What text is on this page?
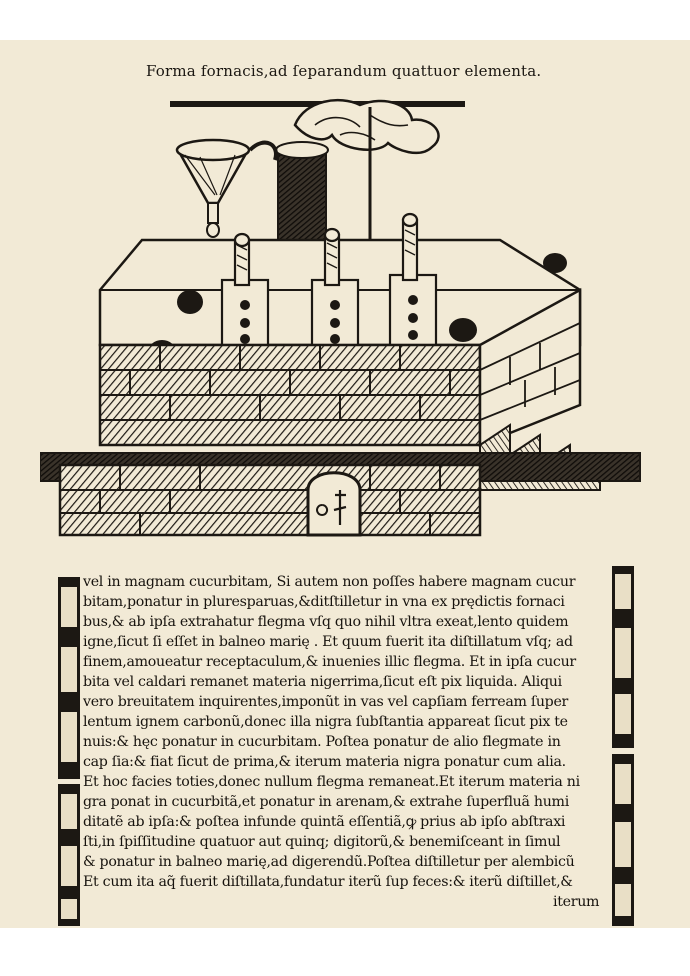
Forma fornacis,ad ſeparandum quattuor elementa.
vel in magnam cucurbitam, Si autem non poſſes habere magnam cucur
bitam,ponatur in pluresparuas,&ditſtilletur in vna ex prędictis fornaci
bus,& ab ipſa extrahatur flegma vſq quo nihil vltra exeat,lento quidem
igne,ſicut ſi eſſet in balneo marię . Et quum fuerit ita diſtillatum vſq; ad
finem,amoueatur receptaculum,& inuenies illic flegma. Et in ipſa cucur
bita vel caldari remanet materia nigerrima,ſicut eſt pix liquida. Aliqui
vero breuitatem inquirentes,imponũt in vas vel capſiam ferream ſuper
lentum ignem carbonũ,donec illa nigra ſubſtantia appareat ſicut pix te
nuis:& hęc ponatur in cucurbitam. Poſtea ponatur de alio flegmate in
cap ſia:& fiat ſicut de prima,& iterum materia nigra ponatur cum alia.
Et hoc facies toties,donec nullum flegma remaneat.Et iterum materia ni
gra ponat in cucurbitã,et ponatur in arenam,& extrahe ſuperfluã humi
ditatẽ ab ipſa:& poſtea infunde quintã eſſentiã,ꝙ prius ab ipſo abſtraxi
ſti,in ſpiſſitudine quatuor aut quinq; digitorũ,& benemiſceant in ſimul
& ponatur in balneo marię,ad digerendũ.Poſtea diſtilletur per alembicũ
Et cum ita aq̃ fuerit diſtillata,fundatur iterũ ſup feces:& iterũ diſtillet,&
iterum
